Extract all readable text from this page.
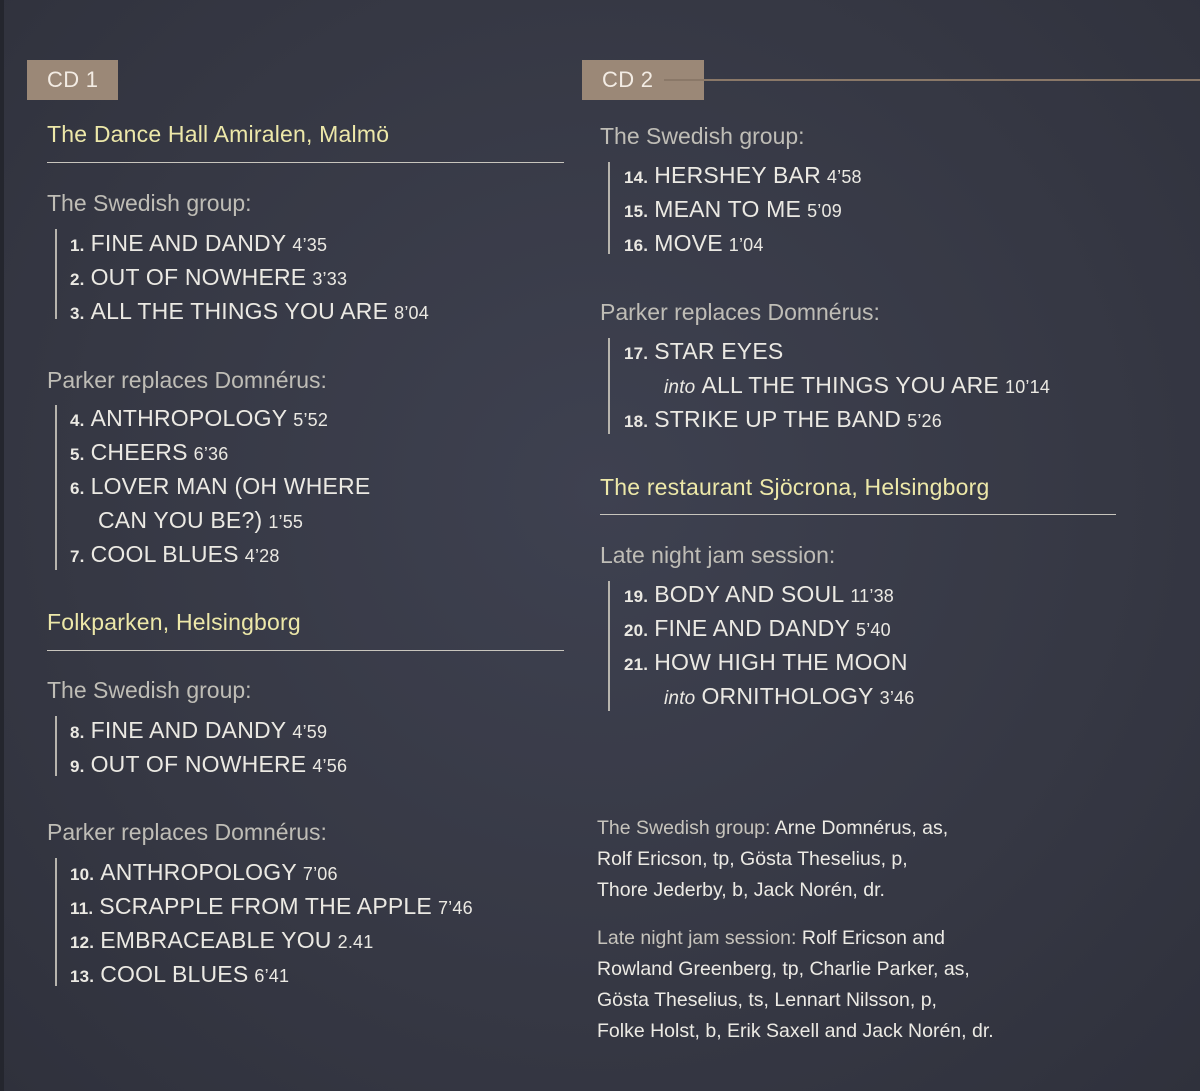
CD 1
The Dance Hall Amiralen, Malmö
The Swedish group:
1. FINE AND DANDY 4’35
2. OUT OF NOWHERE 3’33
3. ALL THE THINGS YOU ARE 8’04
Parker replaces Domnérus:
4. ANTHROPOLOGY 5’52
5. CHEERS 6’36
6. LOVER MAN (OH WHERE
CAN YOU BE?) 1’55
7. COOL BLUES 4’28
Folkparken, Helsingborg
The Swedish group:
8. FINE AND DANDY 4’59
9. OUT OF NOWHERE 4’56
Parker replaces Domnérus:
10. ANTHROPOLOGY 7’06
11. SCRAPPLE FROM THE APPLE 7’46
12. EMBRACEABLE YOU 2.41
13. COOL BLUES 6’41
CD 2
The Swedish group:
14. HERSHEY BAR 4’58
15. MEAN TO ME 5’09
16. MOVE 1’04
Parker replaces Domnérus:
17. STAR EYES
into ALL THE THINGS YOU ARE 10’14
18. STRIKE UP THE BAND 5’26
The restaurant Sjöcrona, Helsingborg
Late night jam session:
19. BODY AND SOUL 11’38
20. FINE AND DANDY 5’40
21. HOW HIGH THE MOON
into ORNITHOLOGY 3’46
The Swedish group: Arne Domnérus, as,
Rolf Ericson, tp, Gösta Theselius, p,
Thore Jederby, b, Jack Norén, dr.
Late night jam session: Rolf Ericson and
Rowland Greenberg, tp, Charlie Parker, as,
Gösta Theselius, ts, Lennart Nilsson, p,
Folke Holst, b, Erik Saxell and Jack Norén, dr.
